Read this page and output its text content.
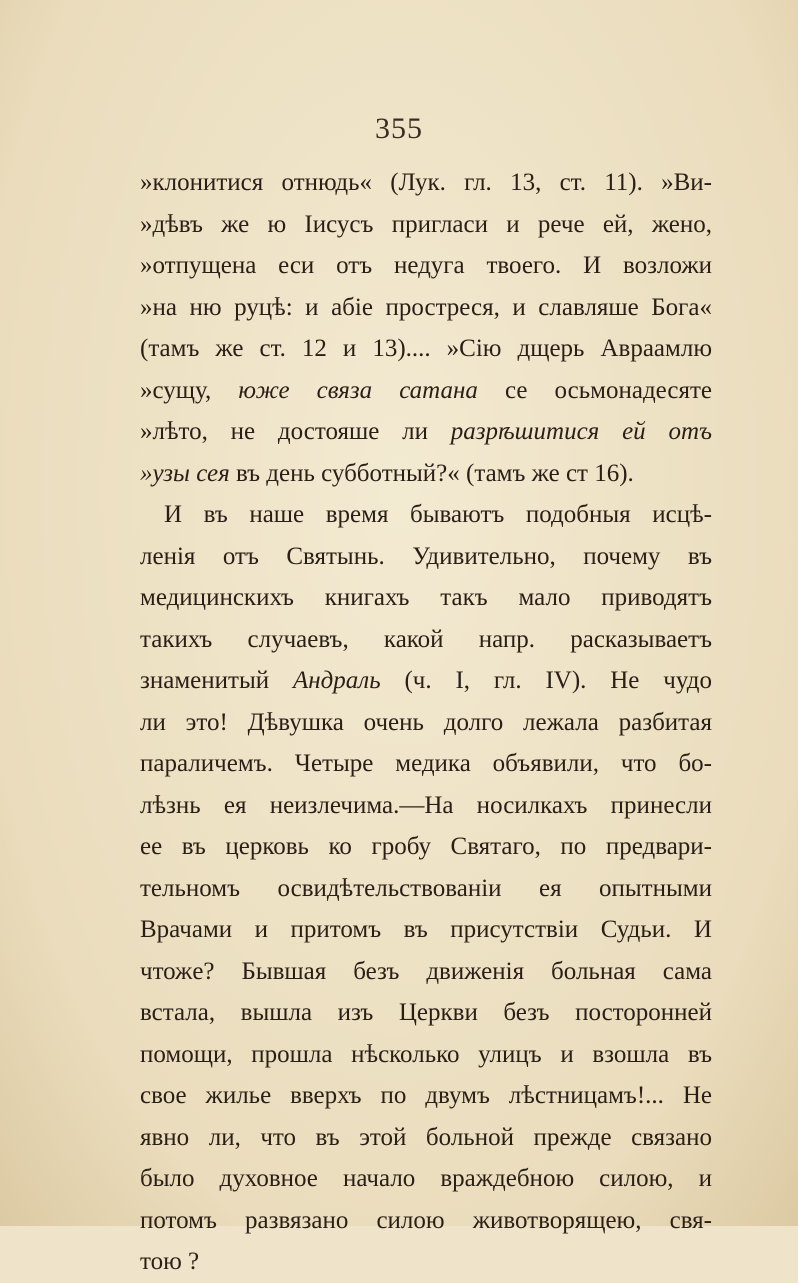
355
»клонитися отнюдь« (Лук. гл. 13, ст. 11). »Ви-
»дѣвъ же ю Іисусъ пригласи и рече ей, жено,
»отпущена еси отъ недуга твоего. И возложи
»на ню руцѣ: и абіе простреся, и славляше Бога«
(тамъ же ст. 12 и 13).... »Сію дщерь Авраамлю
»сущу, юже связа сатана се осьмонадесяте
»лѣто, не достояше ли разрѣшитися ей отъ
»узы сея въ день субботный?« (тамъ же ст 16).
И въ наше время бываютъ подобныя исцѣ-
ленія отъ Святынь. Удивительно, почему въ
медицинскихъ книгахъ такъ мало приводятъ
такихъ случаевъ, какой напр. расказываетъ
знаменитый Андраль (ч. I, гл. IV). Не чудо
ли это! Дѣвушка очень долго лежала разбитая
параличемъ. Четыре медика объявили, что бо-
лѣзнь ея неизлечима.—На носилкахъ принесли
ее въ церковь ко гробу Святаго, по предвари-
тельномъ освидѣтельствованіи ея опытными
Врачами и притомъ въ присутствіи Судьи. И
чтожe? Бывшая безъ движенія больная сама
встала, вышла изъ Церкви безъ посторонней
помощи, прошла нѣсколько улицъ и взошла въ
свое жилье вверхъ по двумъ лѣстницамъ!... Не
явно ли, что въ этой больной прежде связано
было духовное начало враждебною силою, и
потомъ развязано силою животворящею, свя-
тою ?
